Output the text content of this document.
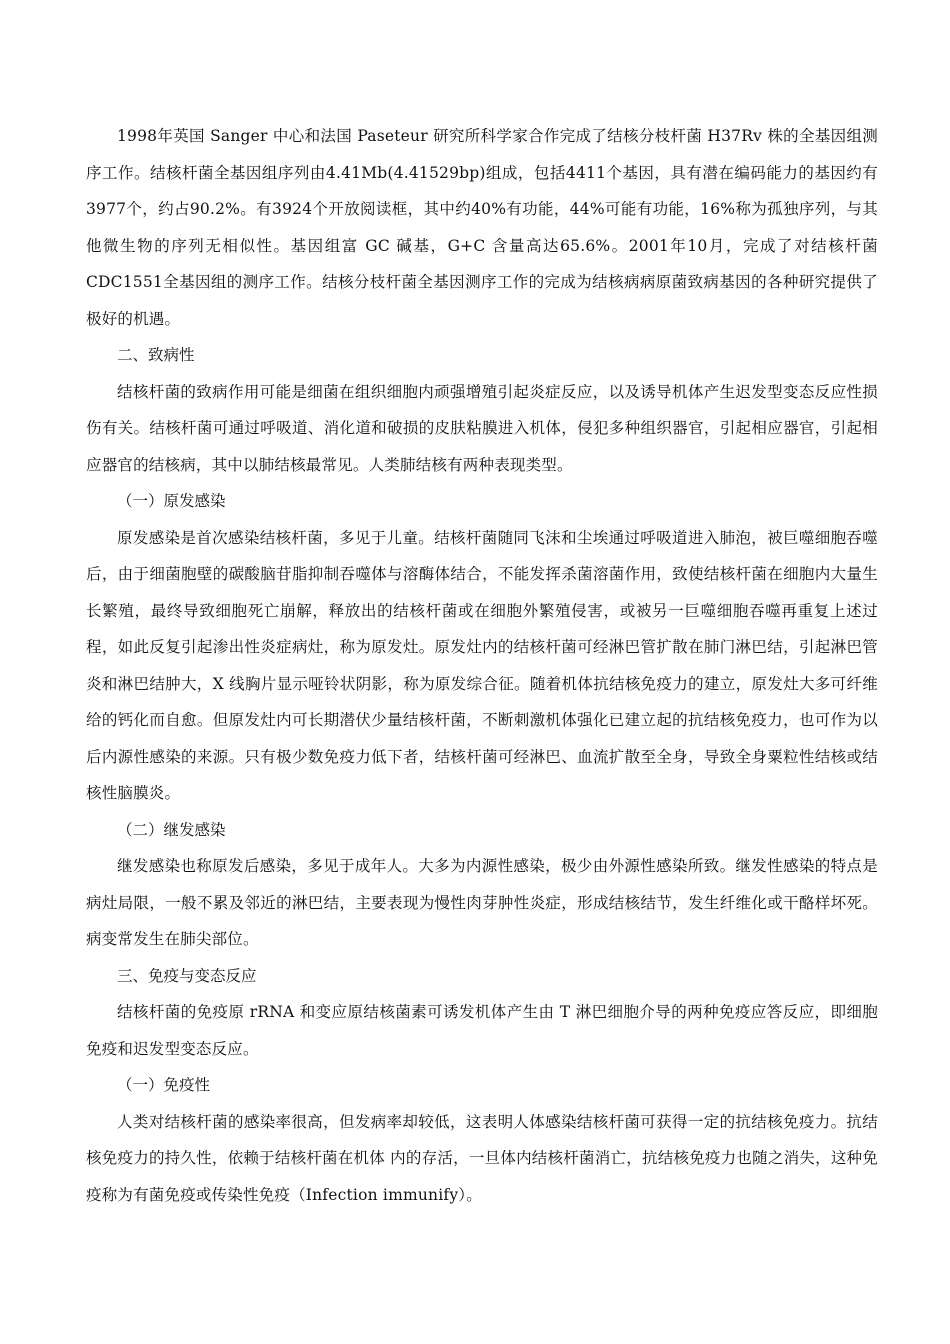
1998年英国 Sanger 中心和法国 Paseteur 研究所科学家合作完成了结核分枝杆菌 H37Rv 株的全基因组测序工作。结核杆菌全基因组序列由4.41Mb(4.41529bp)组成，包括4411个基因，具有潜在编码能力的基因约有3977个，约占90.2%。有3924个开放阅读框，其中约40%有功能，44%可能有功能，16%称为孤独序列，与其他微生物的序列无相似性。基因组富 GC 碱基，G+C 含量高达65.6%。2001年10月，完成了对结核杆菌CDC1551全基因组的测序工作。结核分枝杆菌全基因测序工作的完成为结核病病原菌致病基因的各种研究提供了极好的机遇。

二、致病性

结核杆菌的致病作用可能是细菌在组织细胞内顽强增殖引起炎症反应，以及诱导机体产生迟发型变态反应性损伤有关。结核杆菌可通过呼吸道、消化道和破损的皮肤粘膜进入机体，侵犯多种组织器官，引起相应器官，引起相应器官的结核病，其中以肺结核最常见。人类肺结核有两种表现类型。

（一）原发感染

原发感染是首次感染结核杆菌，多见于儿童。结核杆菌随同飞沫和尘埃通过呼吸道进入肺泡，被巨噬细胞吞噬后，由于细菌胞壁的碳酸脑苷脂抑制吞噬体与溶酶体结合，不能发挥杀菌溶菌作用，致使结核杆菌在细胞内大量生长繁殖，最终导致细胞死亡崩解，释放出的结核杆菌或在细胞外繁殖侵害，或被另一巨噬细胞吞噬再重复上述过程，如此反复引起渗出性炎症病灶，称为原发灶。原发灶内的结核杆菌可经淋巴管扩散在肺门淋巴结，引起淋巴管炎和淋巴结肿大，X 线胸片显示哑铃状阴影，称为原发综合征。随着机体抗结核免疫力的建立，原发灶大多可纤维给的钙化而自愈。但原发灶内可长期潜伏少量结核杆菌，不断刺激机体强化已建立起的抗结核免疫力，也可作为以后内源性感染的来源。只有极少数免疫力低下者，结核杆菌可经淋巴、血流扩散至全身，导致全身粟粒性结核或结核性脑膜炎。

（二）继发感染

继发感染也称原发后感染，多见于成年人。大多为内源性感染，极少由外源性感染所致。继发性感染的特点是病灶局限，一般不累及邻近的淋巴结，主要表现为慢性肉芽肿性炎症，形成结核结节，发生纤维化或干酪样坏死。病变常发生在肺尖部位。

三、免疫与变态反应

结核杆菌的免疫原 rRNA 和变应原结核菌素可诱发机体产生由 T 淋巴细胞介导的两种免疫应答反应，即细胞免疫和迟发型变态反应。

（一）免疫性

人类对结核杆菌的感染率很高，但发病率却较低，这表明人体感染结核杆菌可获得一定的抗结核免疫力。抗结核免疫力的持久性，依赖于结核杆菌在机体 内的存活，一旦体内结核杆菌消亡，抗结核免疫力也随之消失，这种免疫称为有菌免疫或传染性免疫（Infection immunify）。
